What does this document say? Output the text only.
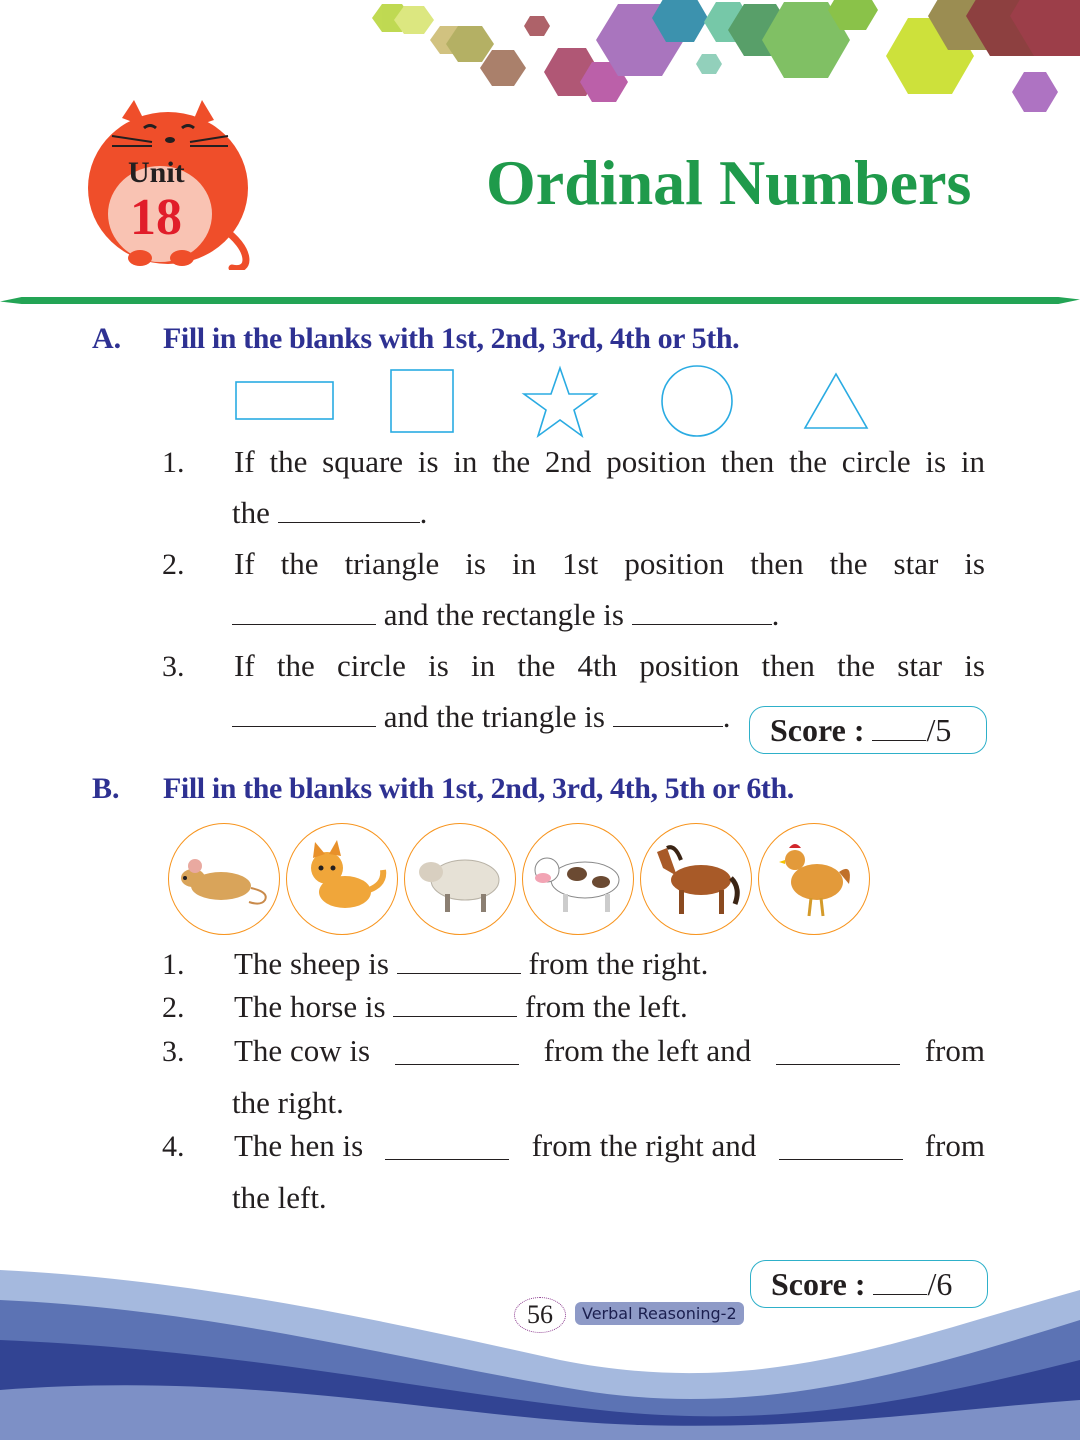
Unit
18	Ordinal Numbers
A. Fill in the blanks with 1st, 2nd, 3rd, 4th or 5th.
1. If the square is in the 2nd position then the circle is in
the	.
2. If the triangle is in 1st position then the star is
and the rectangle is	.
3. If the circle is in the 4th position then the star is
and the triangle is	.	Score : /5
B. Fill in the blanks with 1st, 2nd, 3rd, 4th, 5th or 6th.
1. The sheep is	from the right.
2. The horse is	from the left.
3. The cow is	from the left and	from
the right.
4. The hen is	from the right and	from
the left.
Score : /6
56	Verbal Reasoning-2
